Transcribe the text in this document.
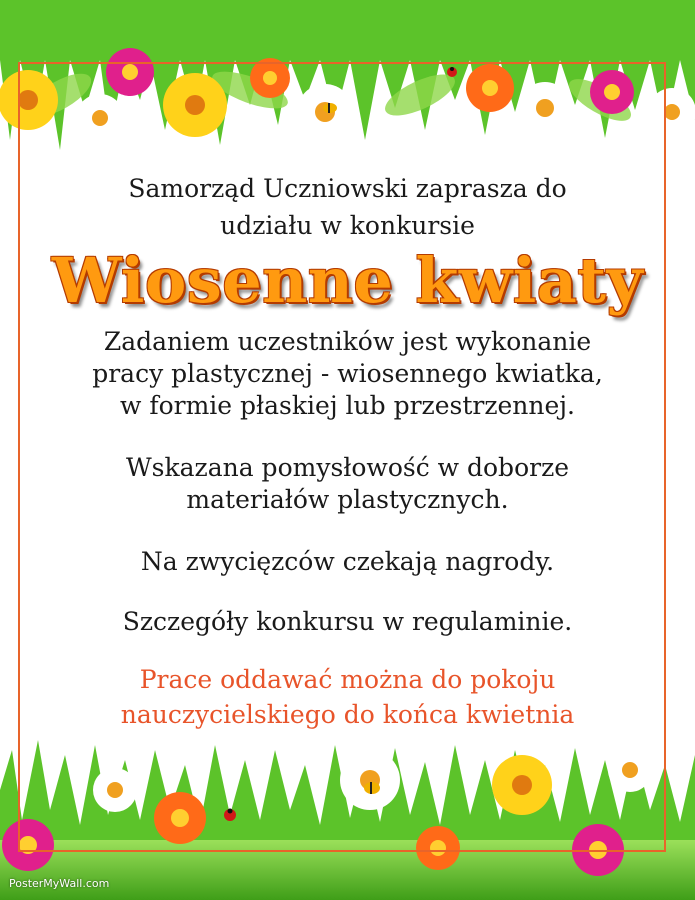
Samorząd Uczniowski zaprasza do

udziału w konkursie

Wiosenne kwiaty

Zadaniem uczestników jest wykonanie

pracy plastycznej - wiosennego kwiatka,

w formie płaskiej lub przestrzennej.

Wskazana pomysłowość w doborze

materiałów plastycznych.

Na zwycięzców czekają nagrody.

Szczegóły konkursu w regulaminie.

Prace oddawać można do pokoju

nauczycielskiego do końca kwietnia

PosterMyWall.com
